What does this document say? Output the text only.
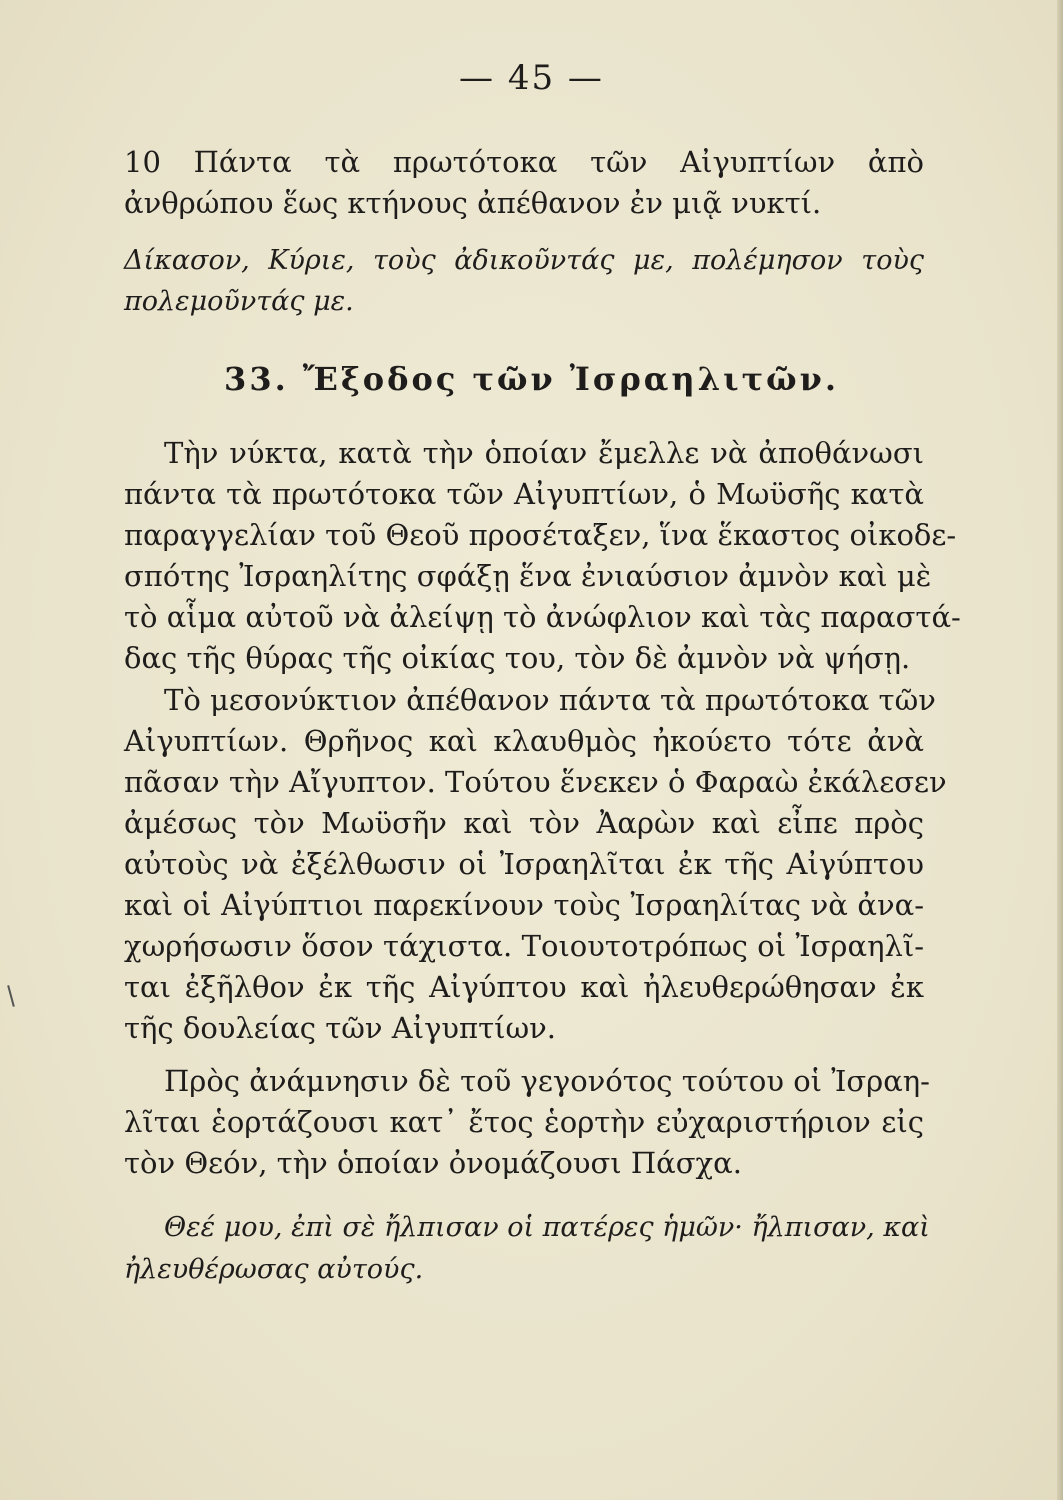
— 45 —
10 Πάντα τὰ πρωτότοκα τῶν Αἰγυπτίων ἀπὸ
ἀνθρώπου ἕως κτήνους ἀπέθανον ἐν μιᾷ νυκτί.
Δίκασον, Κύριε, τοὺς ἀδικοῦντάς με, πολέμησον τοὺς
πολεμοῦντάς με.
33. Ἔξοδος τῶν Ἰσραηλιτῶν.
Τὴν νύκτα, κατὰ τὴν ὁποίαν ἔμελλε νὰ ἀποθάνωσι
πάντα τὰ πρωτότοκα τῶν Αἰγυπτίων, ὁ Μωϋσῆς κατὰ
παραγγελίαν τοῦ Θεοῦ προσέταξεν, ἵνα ἕκαστος οἰκοδε-
σπότης Ἰσραηλίτης σφάξῃ ἕνα ἐνιαύσιον ἀμνὸν καὶ μὲ
τὸ αἷμα αὐτοῦ νὰ ἀλείψῃ τὸ ἀνώφλιον καὶ τὰς παραστά-
δας τῆς θύρας τῆς οἰκίας του, τὸν δὲ ἀμνὸν νὰ ψήσῃ.
Τὸ μεσονύκτιον ἀπέθανον πάντα τὰ πρωτότοκα τῶν
Αἰγυπτίων. Θρῆνος καὶ κλαυθμὸς ἠκούετο τότε ἀνὰ
πᾶσαν τὴν Αἴγυπτον. Τούτου ἕνεκεν ὁ Φαραὼ ἐκάλεσεν
ἀμέσως τὸν Μωϋσῆν καὶ τὸν Ἀαρὼν καὶ εἶπε πρὸς
αὐτοὺς νὰ ἐξέλθωσιν οἱ Ἰσραηλῖται ἐκ τῆς Αἰγύπτου
καὶ οἱ Αἰγύπτιοι παρεκίνουν τοὺς Ἰσραηλίτας νὰ ἀνα-
χωρήσωσιν ὅσον τάχιστα. Τοιουτοτρόπως οἱ Ἰσραηλῖ-
ται ἐξῆλθον ἐκ τῆς Αἰγύπτου καὶ ἠλευθερώθησαν ἐκ
τῆς δουλείας τῶν Αἰγυπτίων.
Πρὸς ἀνάμνησιν δὲ τοῦ γεγονότος τούτου οἱ Ἰσραη-
λῖται ἑορτάζουσι κατ᾽ ἔτος ἑορτὴν εὐχαριστήριον εἰς
τὸν Θεόν, τὴν ὁποίαν ὀνομάζουσι Πάσχα.
Θεέ μου, ἐπὶ σὲ ἤλπισαν οἱ πατέρες ἡμῶν· ἤλπισαν, καὶ
ἠλευθέρωσας αὐτούς.
